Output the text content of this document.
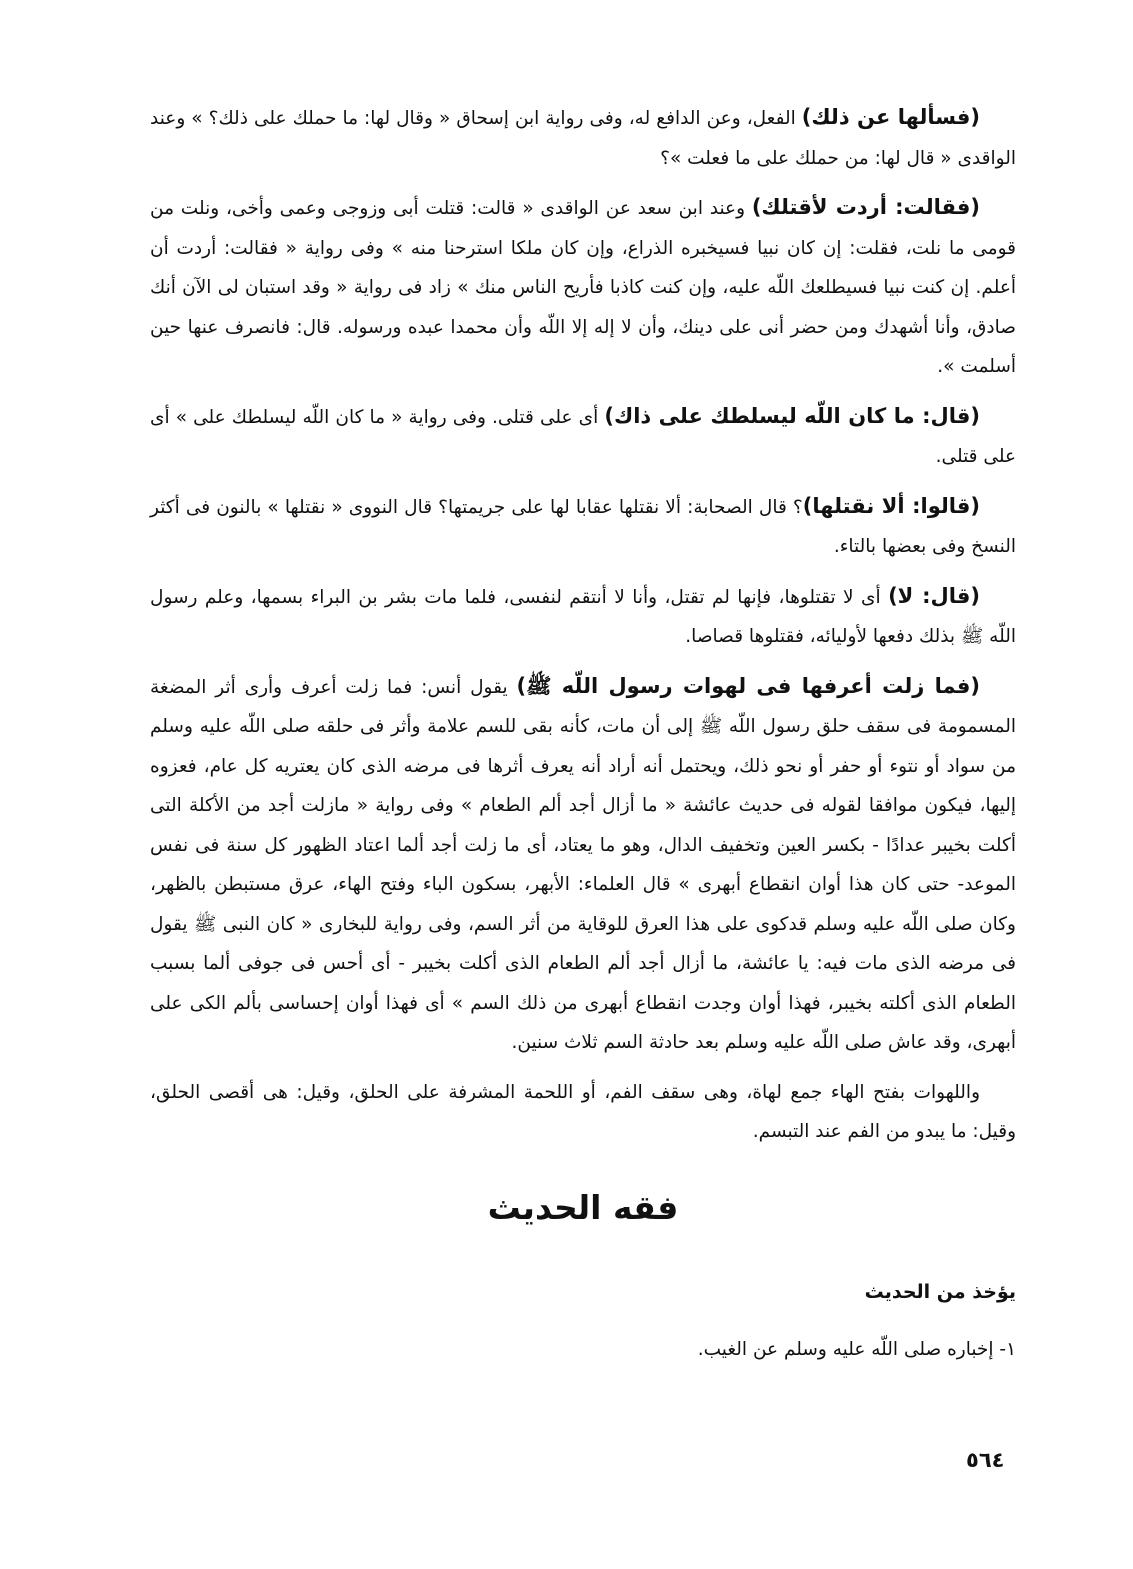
(فسألها عن ذلك) الفعل، وعن الدافع له، وفى رواية ابن إسحاق « وقال لها: ما حملك على ذلك؟ » وعند الواقدى « قال لها: من حملك على ما فعلت »؟

(فقالت: أردت لأقتلك) وعند ابن سعد عن الواقدى « قالت: قتلت أبى وزوجى وعمى وأخى، ونلت من قومى ما نلت، فقلت: إن كان نبيا فسيخبره الذراع، وإن كان ملكا استرحنا منه » وفى رواية « فقالت: أردت أن أعلم. إن كنت نبيا فسيطلعك اللّه عليه، وإن كنت كاذبا فأريح الناس منك » زاد فى رواية « وقد استبان لى الآن أنك صادق، وأنا أشهدك ومن حضر أنى على دينك، وأن لا إله إلا اللّه وأن محمدا عبده ورسوله. قال: فانصرف عنها حين أسلمت ».

(قال: ما كان اللّه ليسلطك على ذاك) أى على قتلى. وفى رواية « ما كان اللّه ليسلطك على » أى على قتلى.

(قالوا: ألا نقتلها)؟ قال الصحابة: ألا نقتلها عقابا لها على جريمتها؟ قال النووى « نقتلها » بالنون فى أكثر النسخ وفى بعضها بالتاء.

(قال: لا) أى لا تقتلوها، فإنها لم تقتل، وأنا لا أنتقم لنفسى، فلما مات بشر بن البراء بسمها، وعلم رسول اللّه ﷺ بذلك دفعها لأوليائه، فقتلوها قصاصا.

(فما زلت أعرفها فى لهوات رسول اللّه ﷺ) يقول أنس: فما زلت أعرف وأرى أثر المضغة المسمومة فى سقف حلق رسول اللّه ﷺ إلى أن مات، كأنه بقى للسم علامة وأثر فى حلقه صلى اللّه عليه وسلم من سواد أو نتوء أو حفر أو نحو ذلك، ويحتمل أنه أراد أنه يعرف أثرها فى مرضه الذى كان يعتريه كل عام، فعزوه إليها، فيكون موافقا لقوله فى حديث عائشة « ما أزال أجد ألم الطعام » وفى رواية « مازلت أجد من الأكلة التى أكلت بخيبر عدادًا - بكسر العين وتخفيف الدال، وهو ما يعتاد، أى ما زلت أجد ألما اعتاد الظهور كل سنة فى نفس الموعد- حتى كان هذا أوان انقطاع أبهرى » قال العلماء: الأبهر، بسكون الباء وفتح الهاء، عرق مستبطن بالظهر، وكان صلى اللّه عليه وسلم قدكوى على هذا العرق للوقاية من أثر السم، وفى رواية للبخارى « كان النبى ﷺ يقول فى مرضه الذى مات فيه: يا عائشة، ما أزال أجد ألم الطعام الذى أكلت بخيبر - أى أحس فى جوفى ألما بسبب الطعام الذى أكلته بخيبر، فهذا أوان وجدت انقطاع أبهرى من ذلك السم » أى فهذا أوان إحساسى بألم الكى على أبهرى، وقد عاش صلى اللّه عليه وسلم بعد حادثة السم ثلاث سنين.

واللهوات بفتح الهاء جمع لهاة، وهى سقف الفم، أو اللحمة المشرفة على الحلق، وقيل: هى أقصى الحلق، وقيل: ما يبدو من الفم عند التبسم.

فقه الحديث
يؤخذ من الحديث

١- إخباره صلى اللّه عليه وسلم عن الغيب.

٥٦٤
